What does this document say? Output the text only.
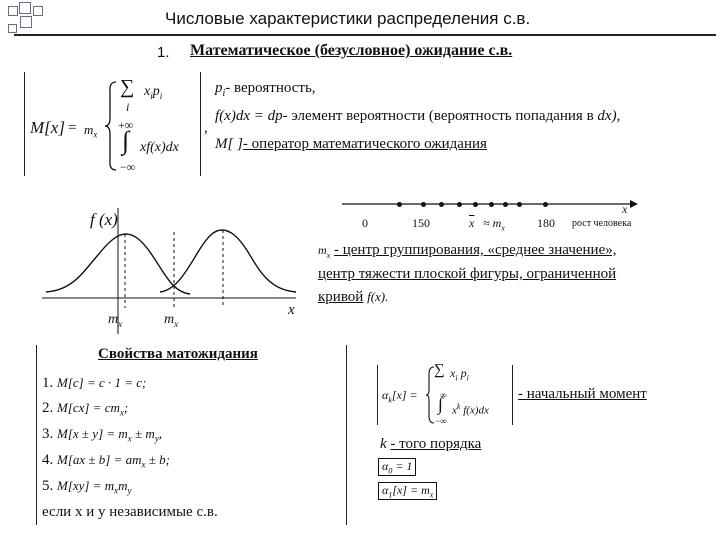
Числовые характеристики распределения с.в.
1. Математическое (безусловное) ожидание с.в.
$M[x] = m_x$
∑
i
$x_ip_i$
+∞
∫ xf(x)dx
−∞
,
$p_i-$ вероятность,
f(x)dx = dp- элемент вероятности (вероятность попадания в dx),
M[ ]- оператор математического ожидания
x
0	150	$\overline{x} \approx m_x$	180 рост человека
$m_x$ - центр группирования, «среднее значение»,
центр тяжести плоской фигуры, ограниченной
кривой f(x).
f (x)
x
$m_x$	$m_x$
Свойства матожидания
1. M[c] = c · 1 = c;
2. $M[cx] = cm_x$;
3. $M[x \pm y] = m_x \pm m_y$,
4. $M[ax \pm b] = am_x \pm b$;
5. $M[xy] = m_xm_y$
если x и y независимые с.в.
$\alpha_k[x]$ =
∑ $x_i$ $p_i$
∞
∫ $x^k$ f(x)dx
−∞
- начальный момент
k - того порядка
$\alpha_0 = 1$
$\alpha_1[x] = m_x$
